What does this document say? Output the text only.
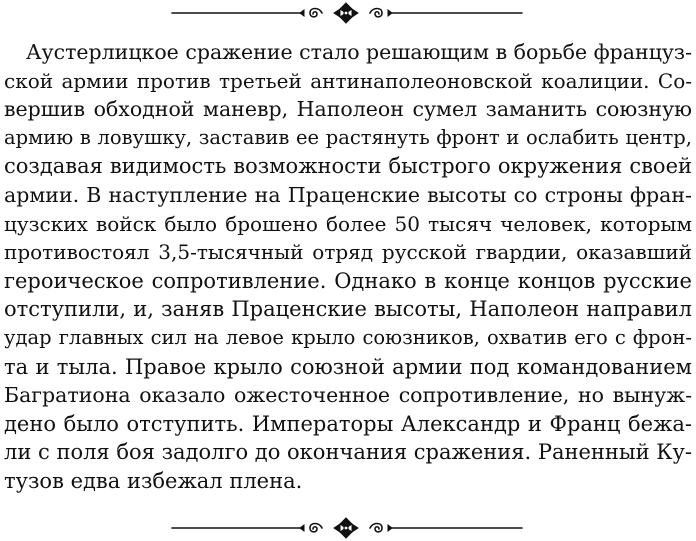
Аустерлицкое сражение стало решающим в борьбе француз-
ской армии против третьей антинаполеоновской коалиции. Со-
вершив обходной маневр, Наполеон сумел заманить союзную
армию в ловушку, заставив ее растянуть фронт и ослабить центр,
создавая видимость возможности быстрого окружения своей
армии. В наступление на Праценские высоты со строны фран-
цузских войск было брошено более 50 тысяч человек, которым
противостоял 3,5-тысячный отряд русской гвардии, оказавший
героическое сопротивление. Однако в конце концов русские
отступили, и, заняв Праценские высоты, Наполеон направил
удар главных сил на левое крыло союзников, охватив его с фрон-
та и тыла. Правое крыло союзной армии под командованием
Багратиона оказало ожесточенное сопротивление, но вынуж-
дено было отступить. Императоры Александр и Франц бежа-
ли с поля боя задолго до окончания сражения. Раненный Ку-
тузов едва избежал плена.
